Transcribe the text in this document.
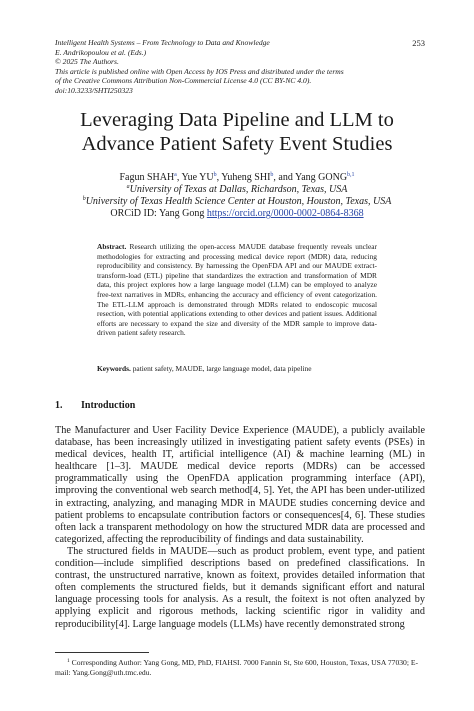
Intelligent Health Systems – From Technology to Data and Knowledge
E. Andrikopoulou et al. (Eds.)
© 2025 The Authors.
This article is published online with Open Access by IOS Press and distributed under the terms
of the Creative Commons Attribution Non-Commercial License 4.0 (CC BY-NC 4.0).
doi:10.3233/SHTI250323
253
Leveraging Data Pipeline and LLM to
Advance Patient Safety Event Studies
Fagun SHAH$^a$, Yue $YU^b$, Yuheng SHI$^b$, and Yang GONG$^{b,1}$
$^a$University of Texas at Dallas, Richardson, Texas, USA
$^b$University of Texas Health Science Center at Houston, Houston, Texas, USA
ORCiD ID: Yang Gong https://orcid.org/0000-0002-0864-8368
Abstract. Research utilizing the open-access MAUDE database frequently reveals unclear methodologies for extracting and processing medical device report (MDR) data, reducing reproducibility and consistency. By harnessing the OpenFDA API and our MAUDE extract-transform-load (ETL) pipeline that standardizes the extraction and transformation of MDR data, this project explores how a large language model (LLM) can be employed to analyze free-text narratives in MDRs, enhancing the accuracy and efficiency of event categorization. The ETL-LLM approach is demonstrated through MDRs related to endoscopic mucosal resection, with potential applications extending to other devices and patient issues. Additional efforts are necessary to expand the size and diversity of the MDR sample to improve data-driven patient safety research.
Keywords. patient safety, MAUDE, large language model, data pipeline
1. Introduction

The Manufacturer and User Facility Device Experience (MAUDE), a publicly available database, has been increasingly utilized in investigating patient safety events (PSEs) in medical devices, health IT, artificial intelligence (AI) & machine learning (ML) in healthcare [1–3]. MAUDE medical device reports (MDRs) can be accessed programmatically using the OpenFDA application programming interface (API), improving the conventional web search method[4, 5]. Yet, the API has been under-utilized in extracting, analyzing, and managing MDR in MAUDE studies concerning device and patient problems to encapsulate contribution factors or consequences[4, 6]. These studies often lack a transparent methodology on how the structured MDR data are processed and categorized, affecting the reproducibility of findings and data sustainability.

The structured fields in MAUDE—such as product problem, event type, and patient condition—include simplified descriptions based on predefined classifications. In contrast, the unstructured narrative, known as foitext, provides detailed information that often complements the structured fields, but it demands significant effort and natural language processing tools for analysis. As a result, the foitext is not often analyzed by applying explicit and rigorous methods, lacking scientific rigor in validity and reproducibility[4]. Large language models (LLMs) have recently demonstrated strong

$^1$ Corresponding Author: Yang Gong, MD, PhD, FIAHSI. 7000 Fannin St, Ste 600, Houston, Texas, USA 77030; E-mail: Yang.Gong@uth.tmc.edu.
